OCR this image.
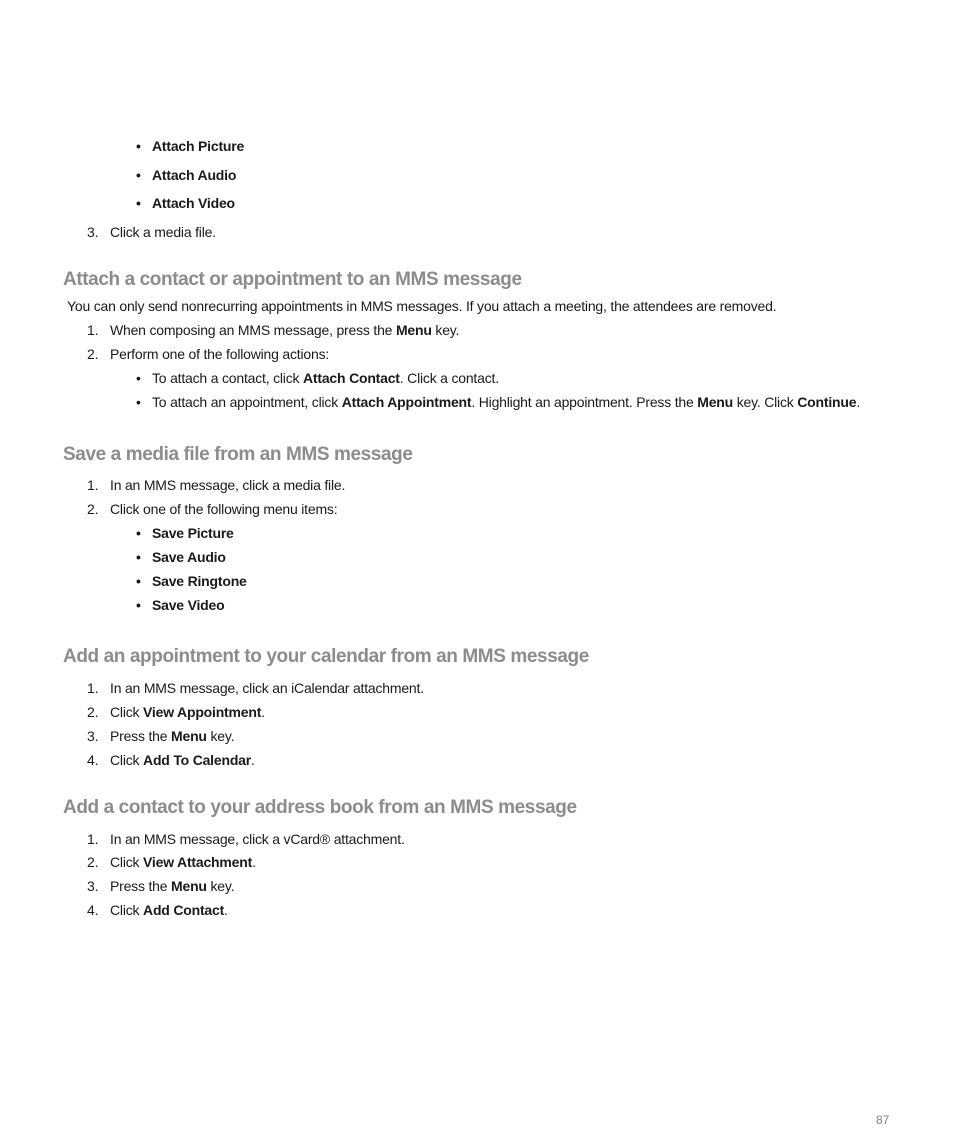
• Attach Picture
• Attach Audio
• Attach Video
3. Click a media file.
Attach a contact or appointment to an MMS message
You can only send nonrecurring appointments in MMS messages. If you attach a meeting, the attendees are removed.
1. When composing an MMS message, press the Menu key.
2. Perform one of the following actions:
• To attach a contact, click Attach Contact. Click a contact.
• To attach an appointment, click Attach Appointment. Highlight an appointment. Press the Menu key. Click Continue.
Save a media file from an MMS message
1. In an MMS message, click a media file.
2. Click one of the following menu items:
• Save Picture
• Save Audio
• Save Ringtone
• Save Video
Add an appointment to your calendar from an MMS message
1. In an MMS message, click an iCalendar attachment.
2. Click View Appointment.
3. Press the Menu key.
4. Click Add To Calendar.
Add a contact to your address book from an MMS message
1. In an MMS message, click a vCard® attachment.
2. Click View Attachment.
3. Press the Menu key.
4. Click Add Contact.
87
